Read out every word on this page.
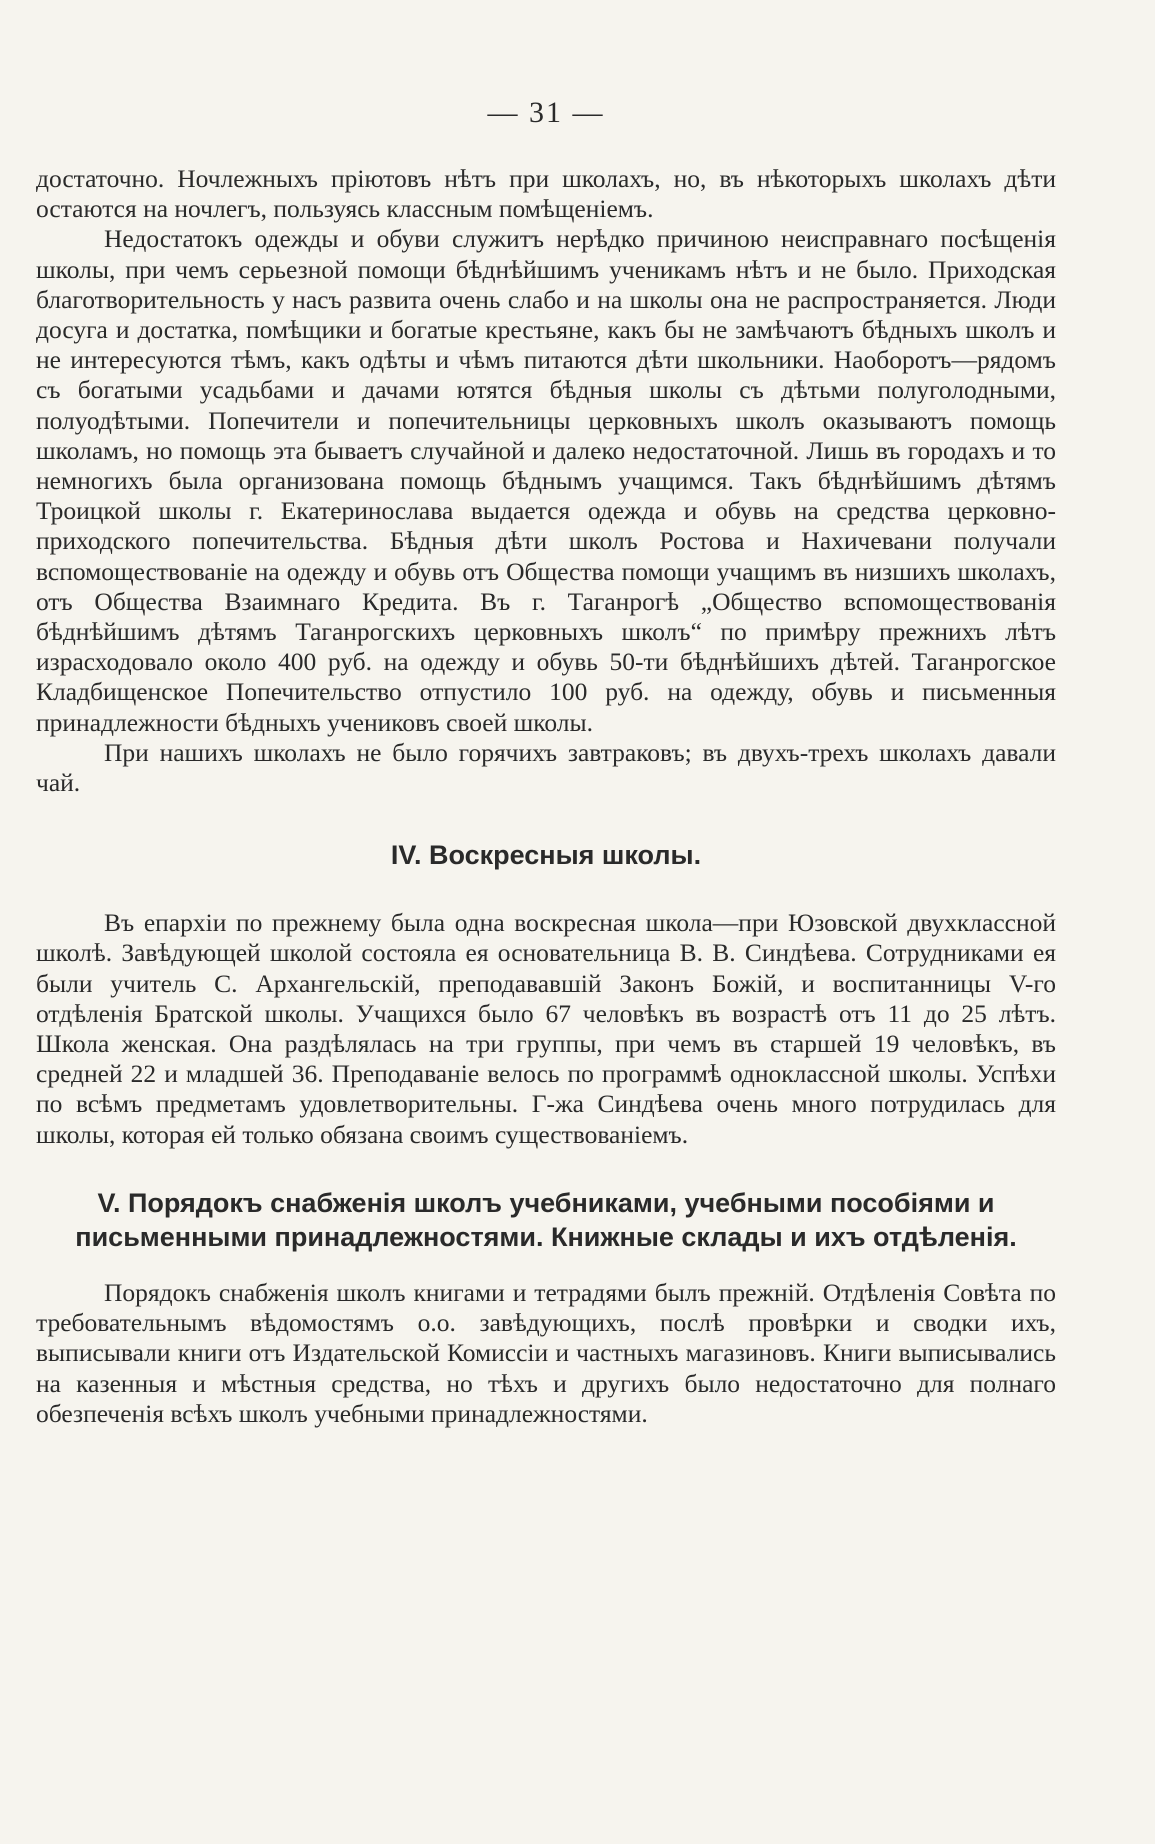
— 31 —

достаточно. Ночлежныхъ пріютовъ нѣтъ при школахъ, но, въ нѣкоторыхъ школахъ дѣти остаются на ночлегъ, пользуясь классным помѣщеніемъ.

Недостатокъ одежды и обуви служитъ нерѣдко причиною неисправнаго посѣщенія школы, при чемъ серьезной помощи бѣднѣйшимъ ученикамъ нѣтъ и не было. Приходская благотворительность у насъ развита очень слабо и на школы она не распространяется. Люди досуга и достатка, помѣщики и богатые крестьяне, какъ бы не замѣчаютъ бѣдныхъ школъ и не интересуются тѣмъ, какъ одѣты и чѣмъ питаются дѣти школьники. Наоборотъ—рядомъ съ богатыми усадьбами и дачами ютятся бѣдныя школы съ дѣтьми полуголодными, полуодѣтыми. Попечители и попечительницы церковныхъ школъ оказываютъ помощь школамъ, но помощь эта бываетъ случайной и далеко недостаточной. Лишь въ городахъ и то немногихъ была организована помощь бѣднымъ учащимся. Такъ бѣднѣйшимъ дѣтямъ Троицкой школы г. Екатеринослава выдается одежда и обувь на средства церковно-приходского попечительства. Бѣдныя дѣти школъ Ростова и Нахичевани получали вспомоществованіе на одежду и обувь отъ Общества помощи учащимъ въ низшихъ школахъ, отъ Общества Взаимнаго Кредита. Въ г. Таганрогѣ „Общество вспомоществованія бѣднѣйшимъ дѣтямъ Таганрогскихъ церковныхъ школъ“ по примѣру прежнихъ лѣтъ израсходовало около 400 руб. на одежду и обувь 50-ти бѣднѣйшихъ дѣтей. Таганрогское Кладбищенское Попечительство отпустило 100 руб. на одежду, обувь и письменныя принадлежности бѣдныхъ учениковъ своей школы.

При нашихъ школахъ не было горячихъ завтраковъ; въ двухъ-трехъ школахъ давали чай.

IV. Воскресныя школы.

Въ епархіи по прежнему была одна воскресная школа—при Юзовской двухклассной школѣ. Завѣдующей школой состояла ея основательница В. В. Синдѣева. Сотрудниками ея были учитель С. Архангельскій, преподававшій Законъ Божій, и воспитанницы V-го отдѣленія Братской школы. Учащихся было 67 человѣкъ въ возрастѣ отъ 11 до 25 лѣтъ. Школа женская. Она раздѣлялась на три группы, при чемъ въ старшей 19 человѣкъ, въ средней 22 и младшей 36. Преподаваніе велось по программѣ одноклассной школы. Успѣхи по всѣмъ предметамъ удовлетворительны. Г-жа Синдѣева очень много потрудилась для школы, которая ей только обязана своимъ существованіемъ.

V. Порядокъ снабженія школъ учебниками, учебными пособіями и письменными принадлежностями. Книжные склады и ихъ отдѣленія.

Порядокъ снабженія школъ книгами и тетрадями былъ прежній. Отдѣленія Совѣта по требовательнымъ вѣдомостямъ о.о. завѣдующихъ, послѣ провѣрки и сводки ихъ, выписывали книги отъ Издательской Комиссіи и частныхъ магазиновъ. Книги выписывались на казенныя и мѣстныя средства, но тѣхъ и другихъ было недостаточно для полнаго обезпеченія всѣхъ школъ учебными принадлежностями.
